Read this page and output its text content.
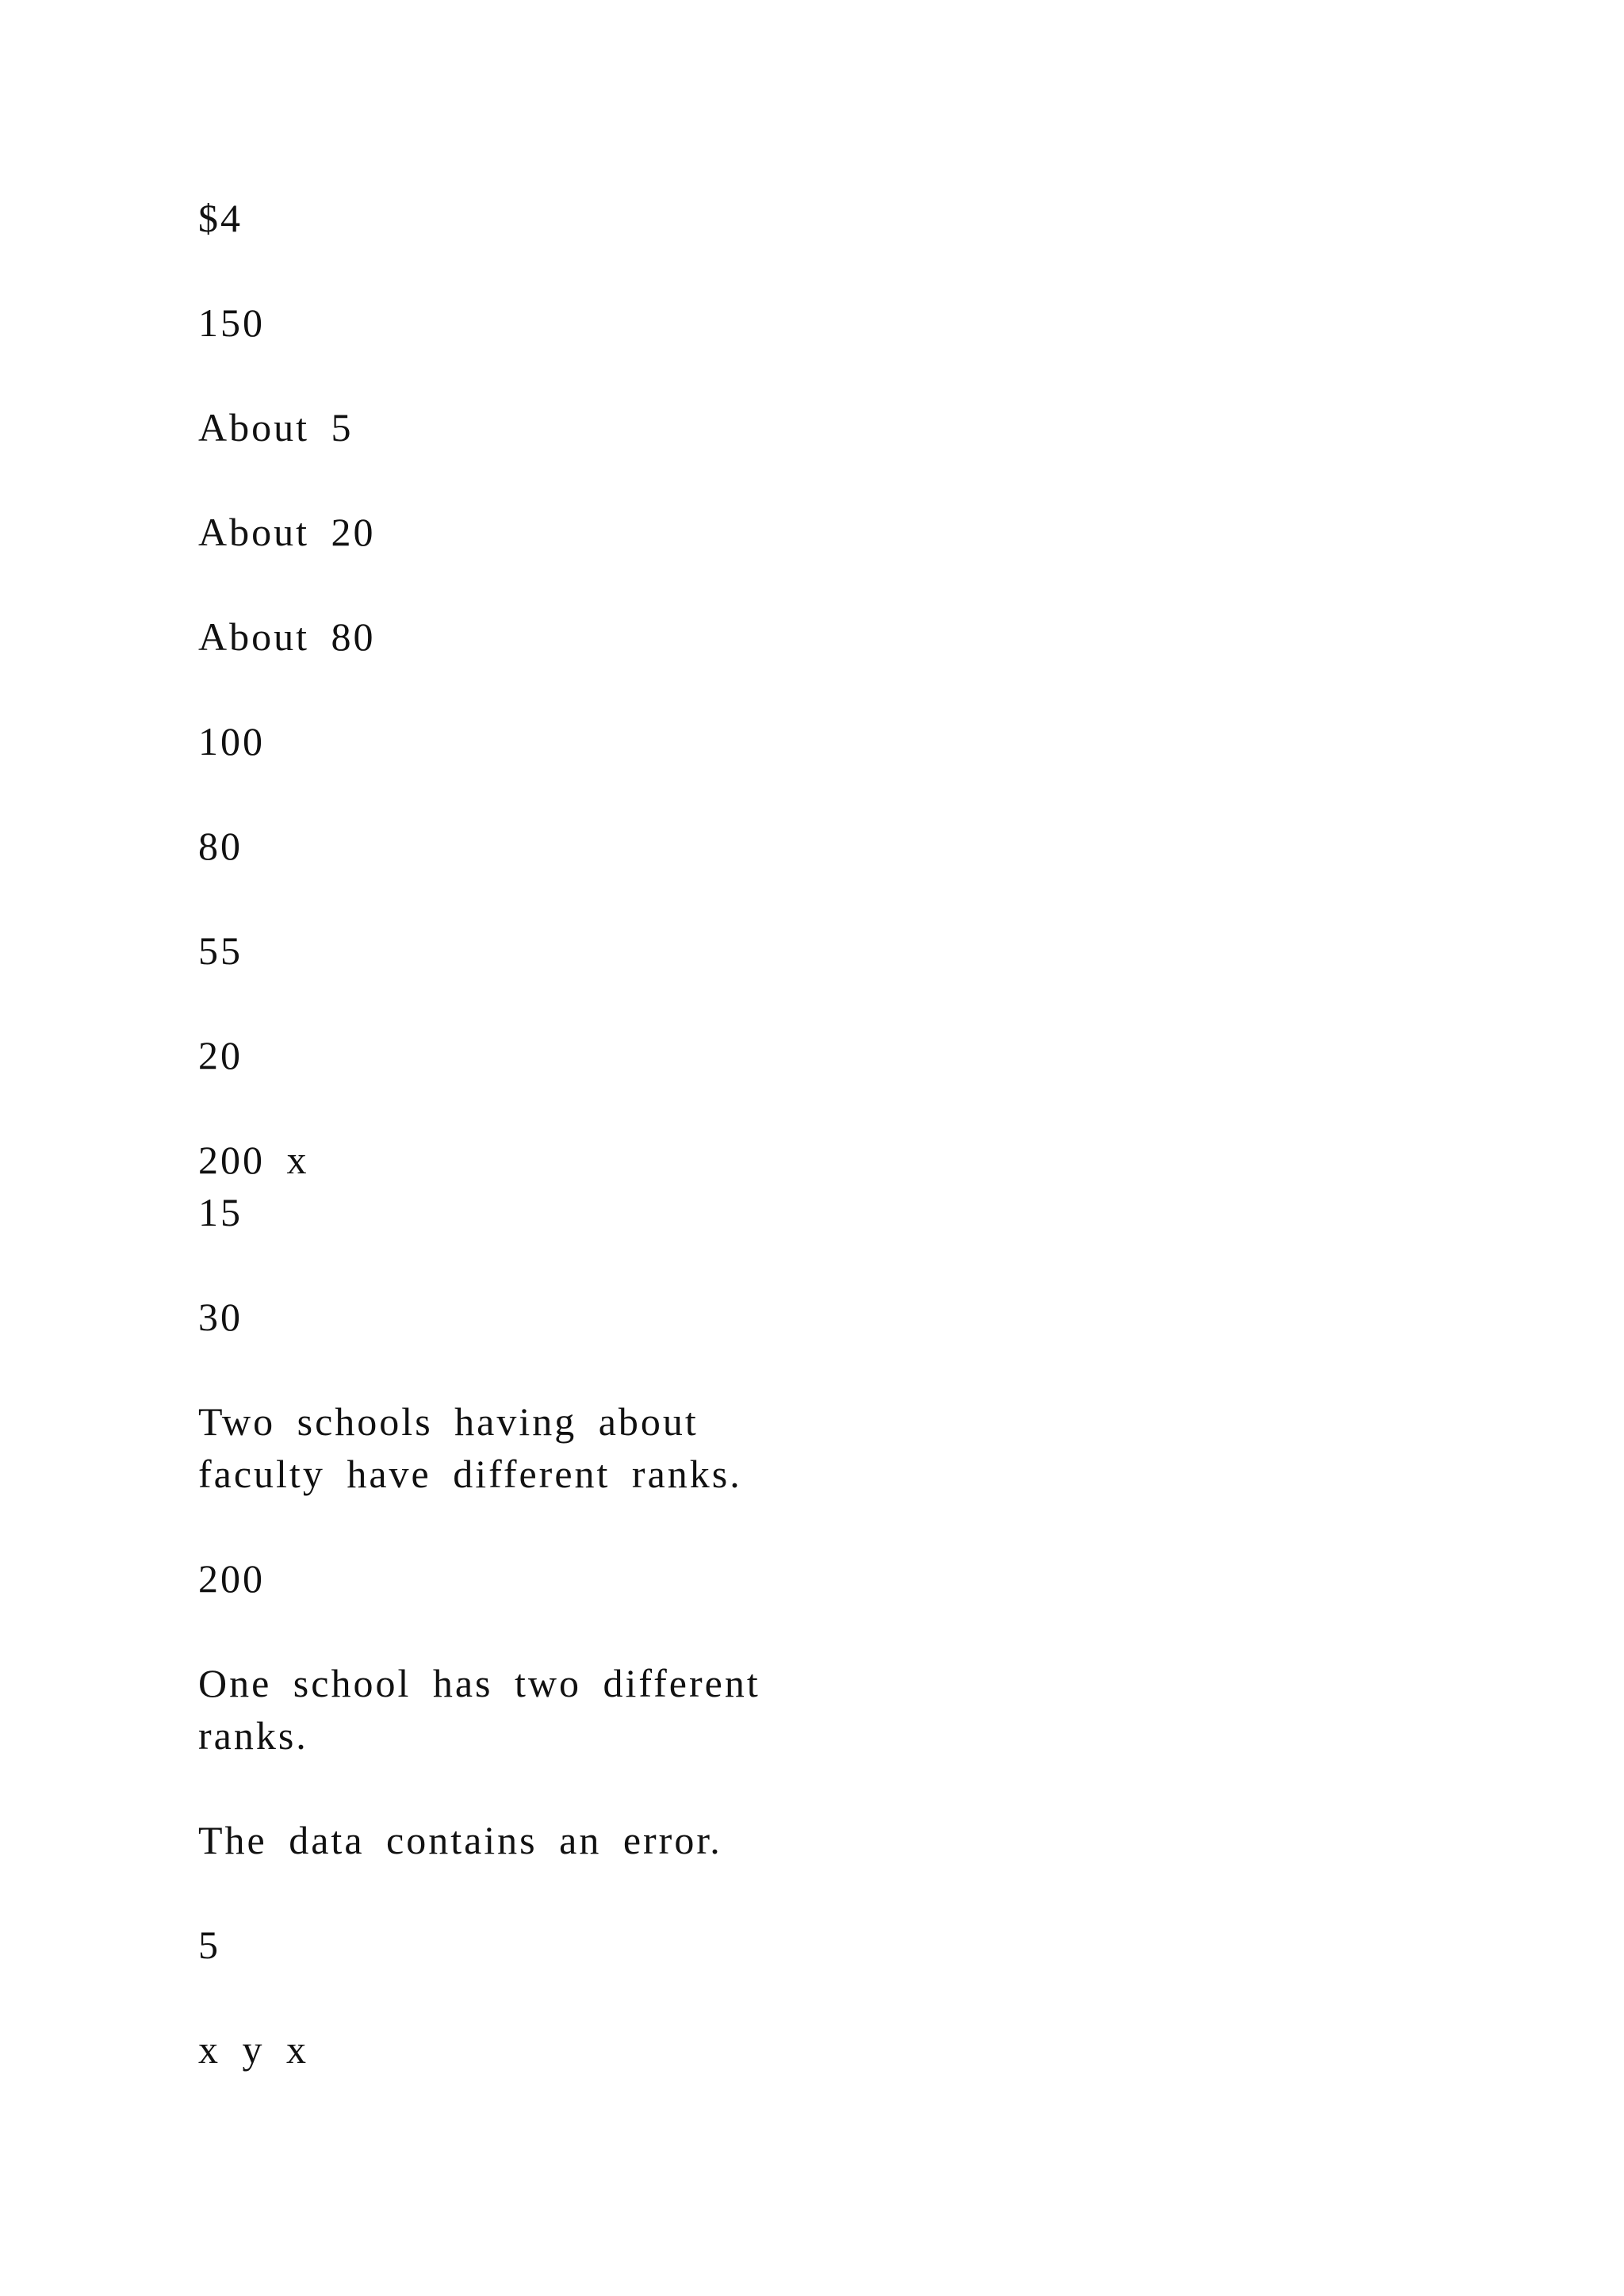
$4

150

About 5

About 20

About 80

100

80

55

20

200 x

15

30

Two schools having about

faculty have different ranks.

200

One school has two different

ranks.

The data contains an error.

5

x y x
